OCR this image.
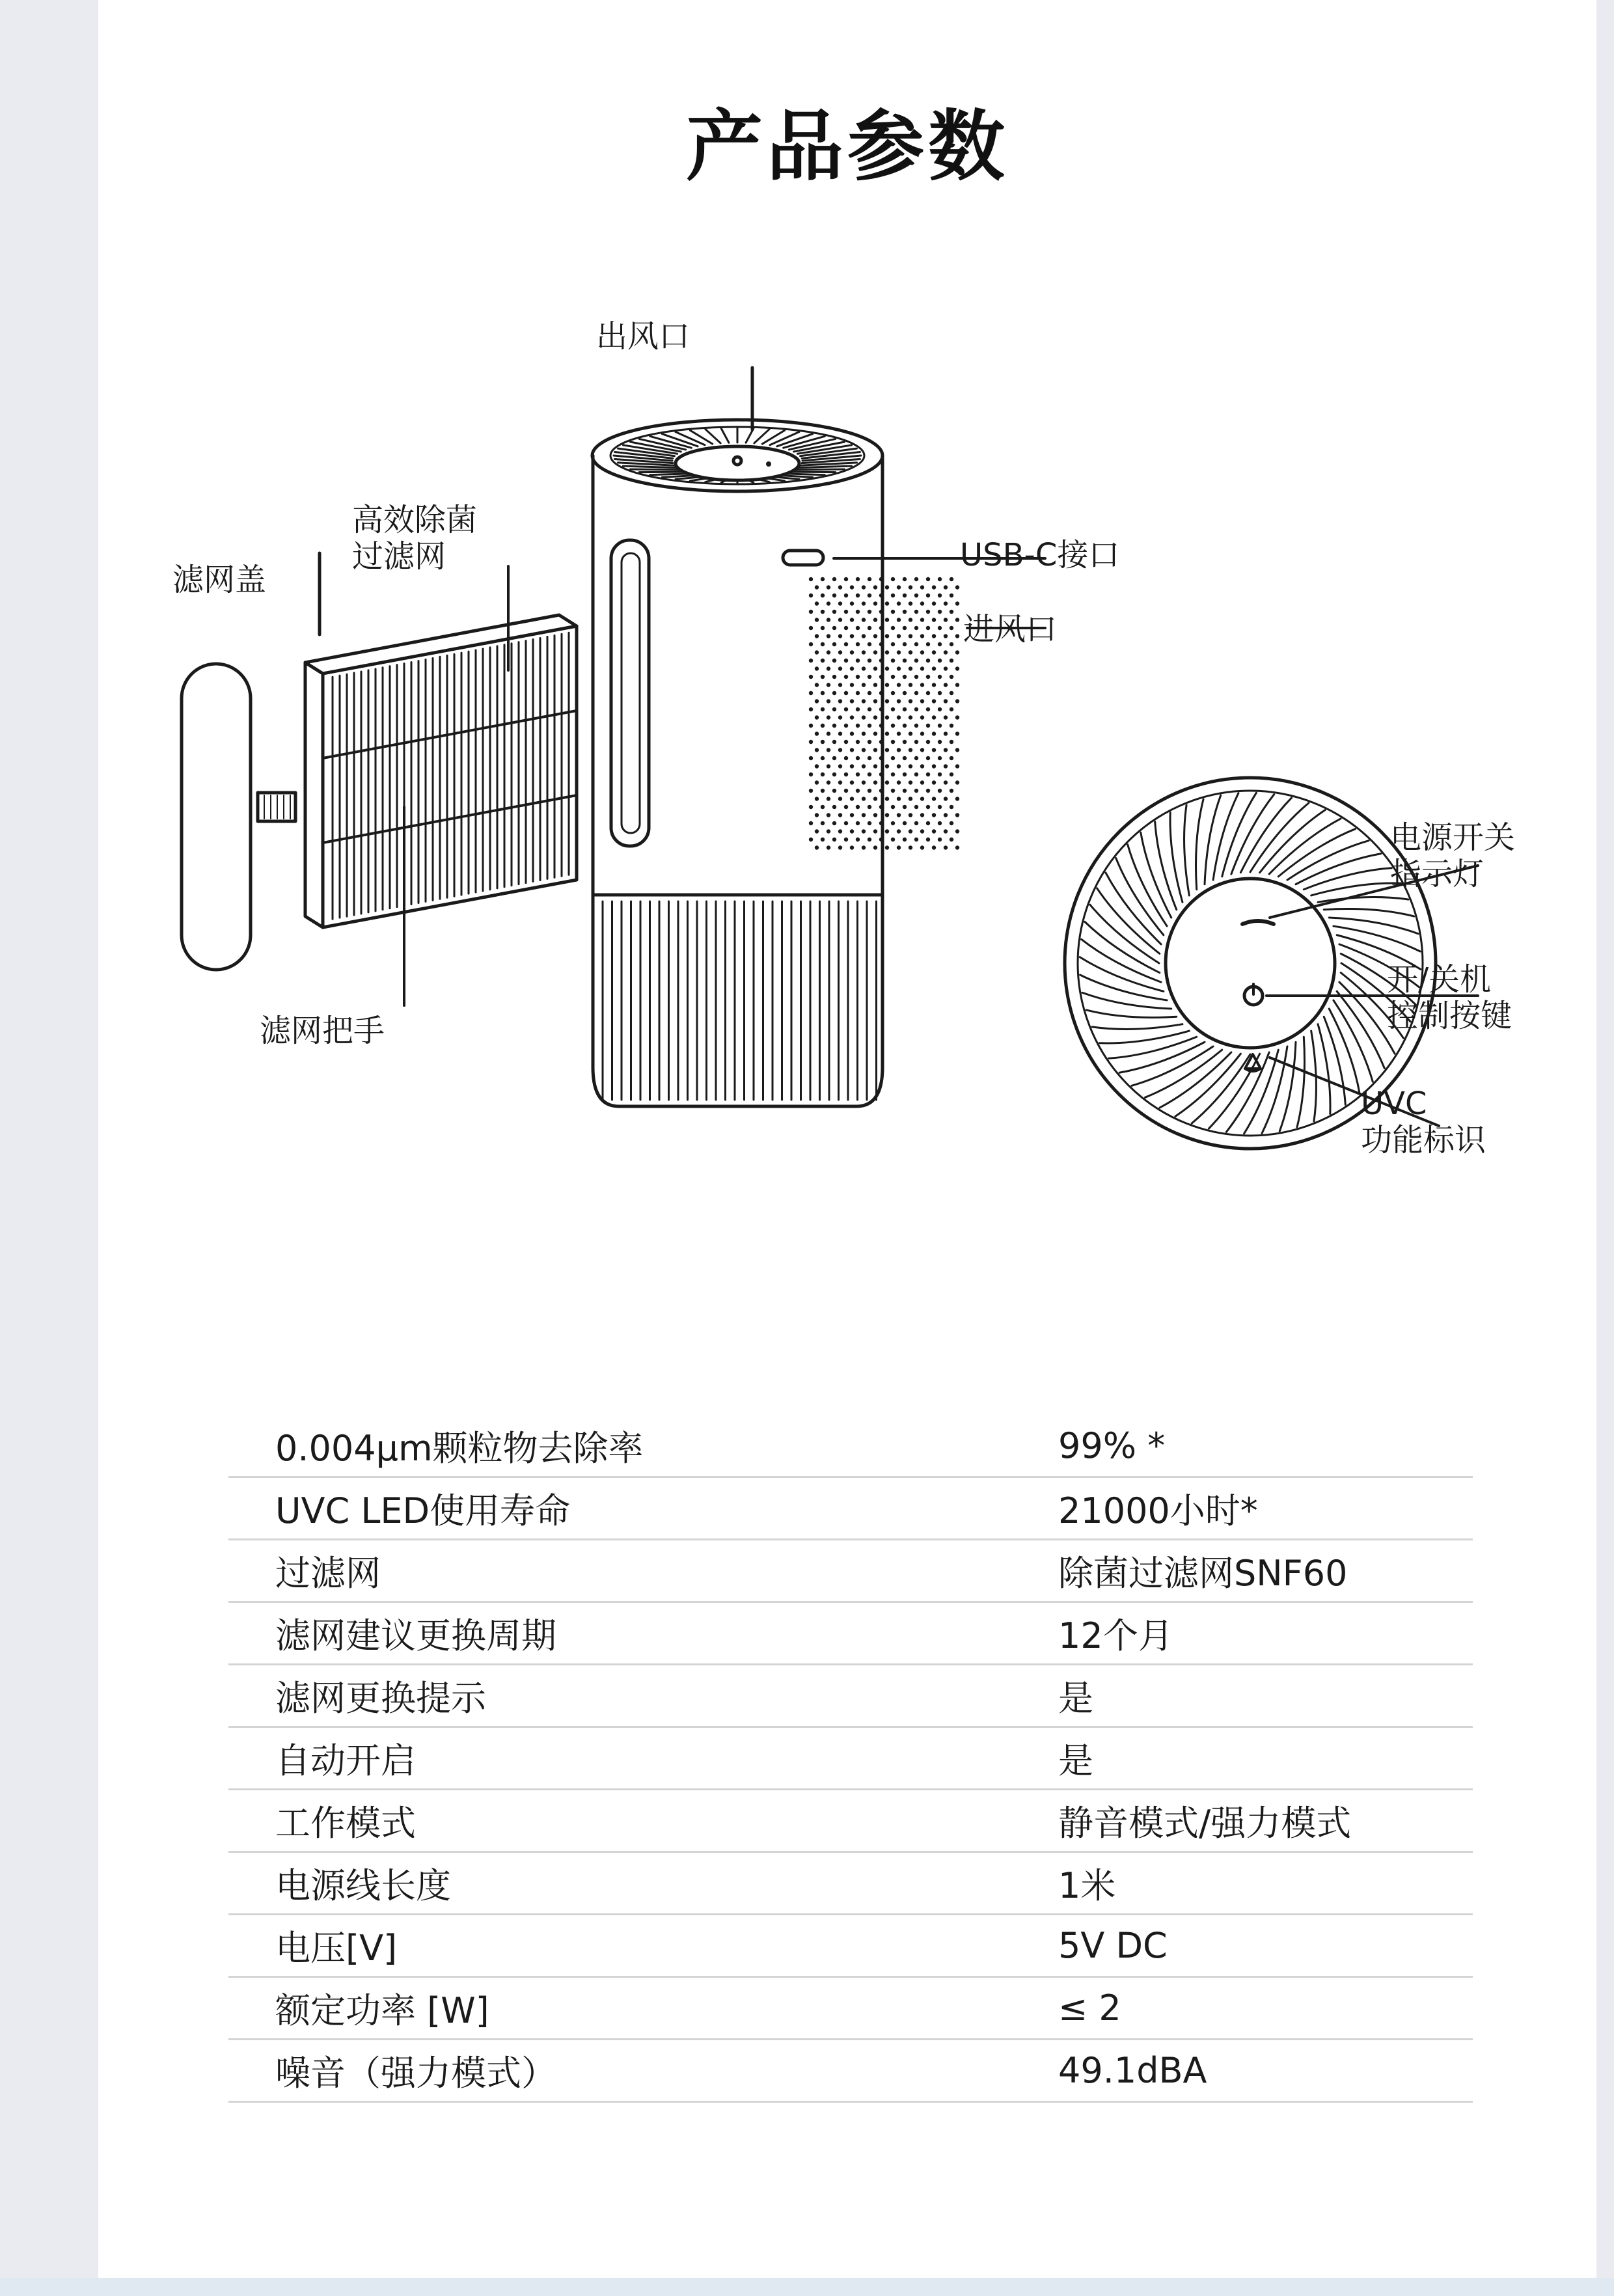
产品参数
出风口
滤网盖
高效除菌
过滤网
滤网把手
USB-C接口
进风口
电源开关
指示灯
开/关机
控制按键
UVC
功能标识
0.004μm颗粒物去除率	99% *
UVC LED使用寿命	21000小时*
过滤网	除菌过滤网SNF60
滤网建议更换周期	12个月
滤网更换提示	是
自动开启	是
工作模式	静音模式/强力模式
电源线长度	1米
电压[V]	5V DC
额定功率 [W]	≤ 2
噪音（强力模式）	49.1dBA
